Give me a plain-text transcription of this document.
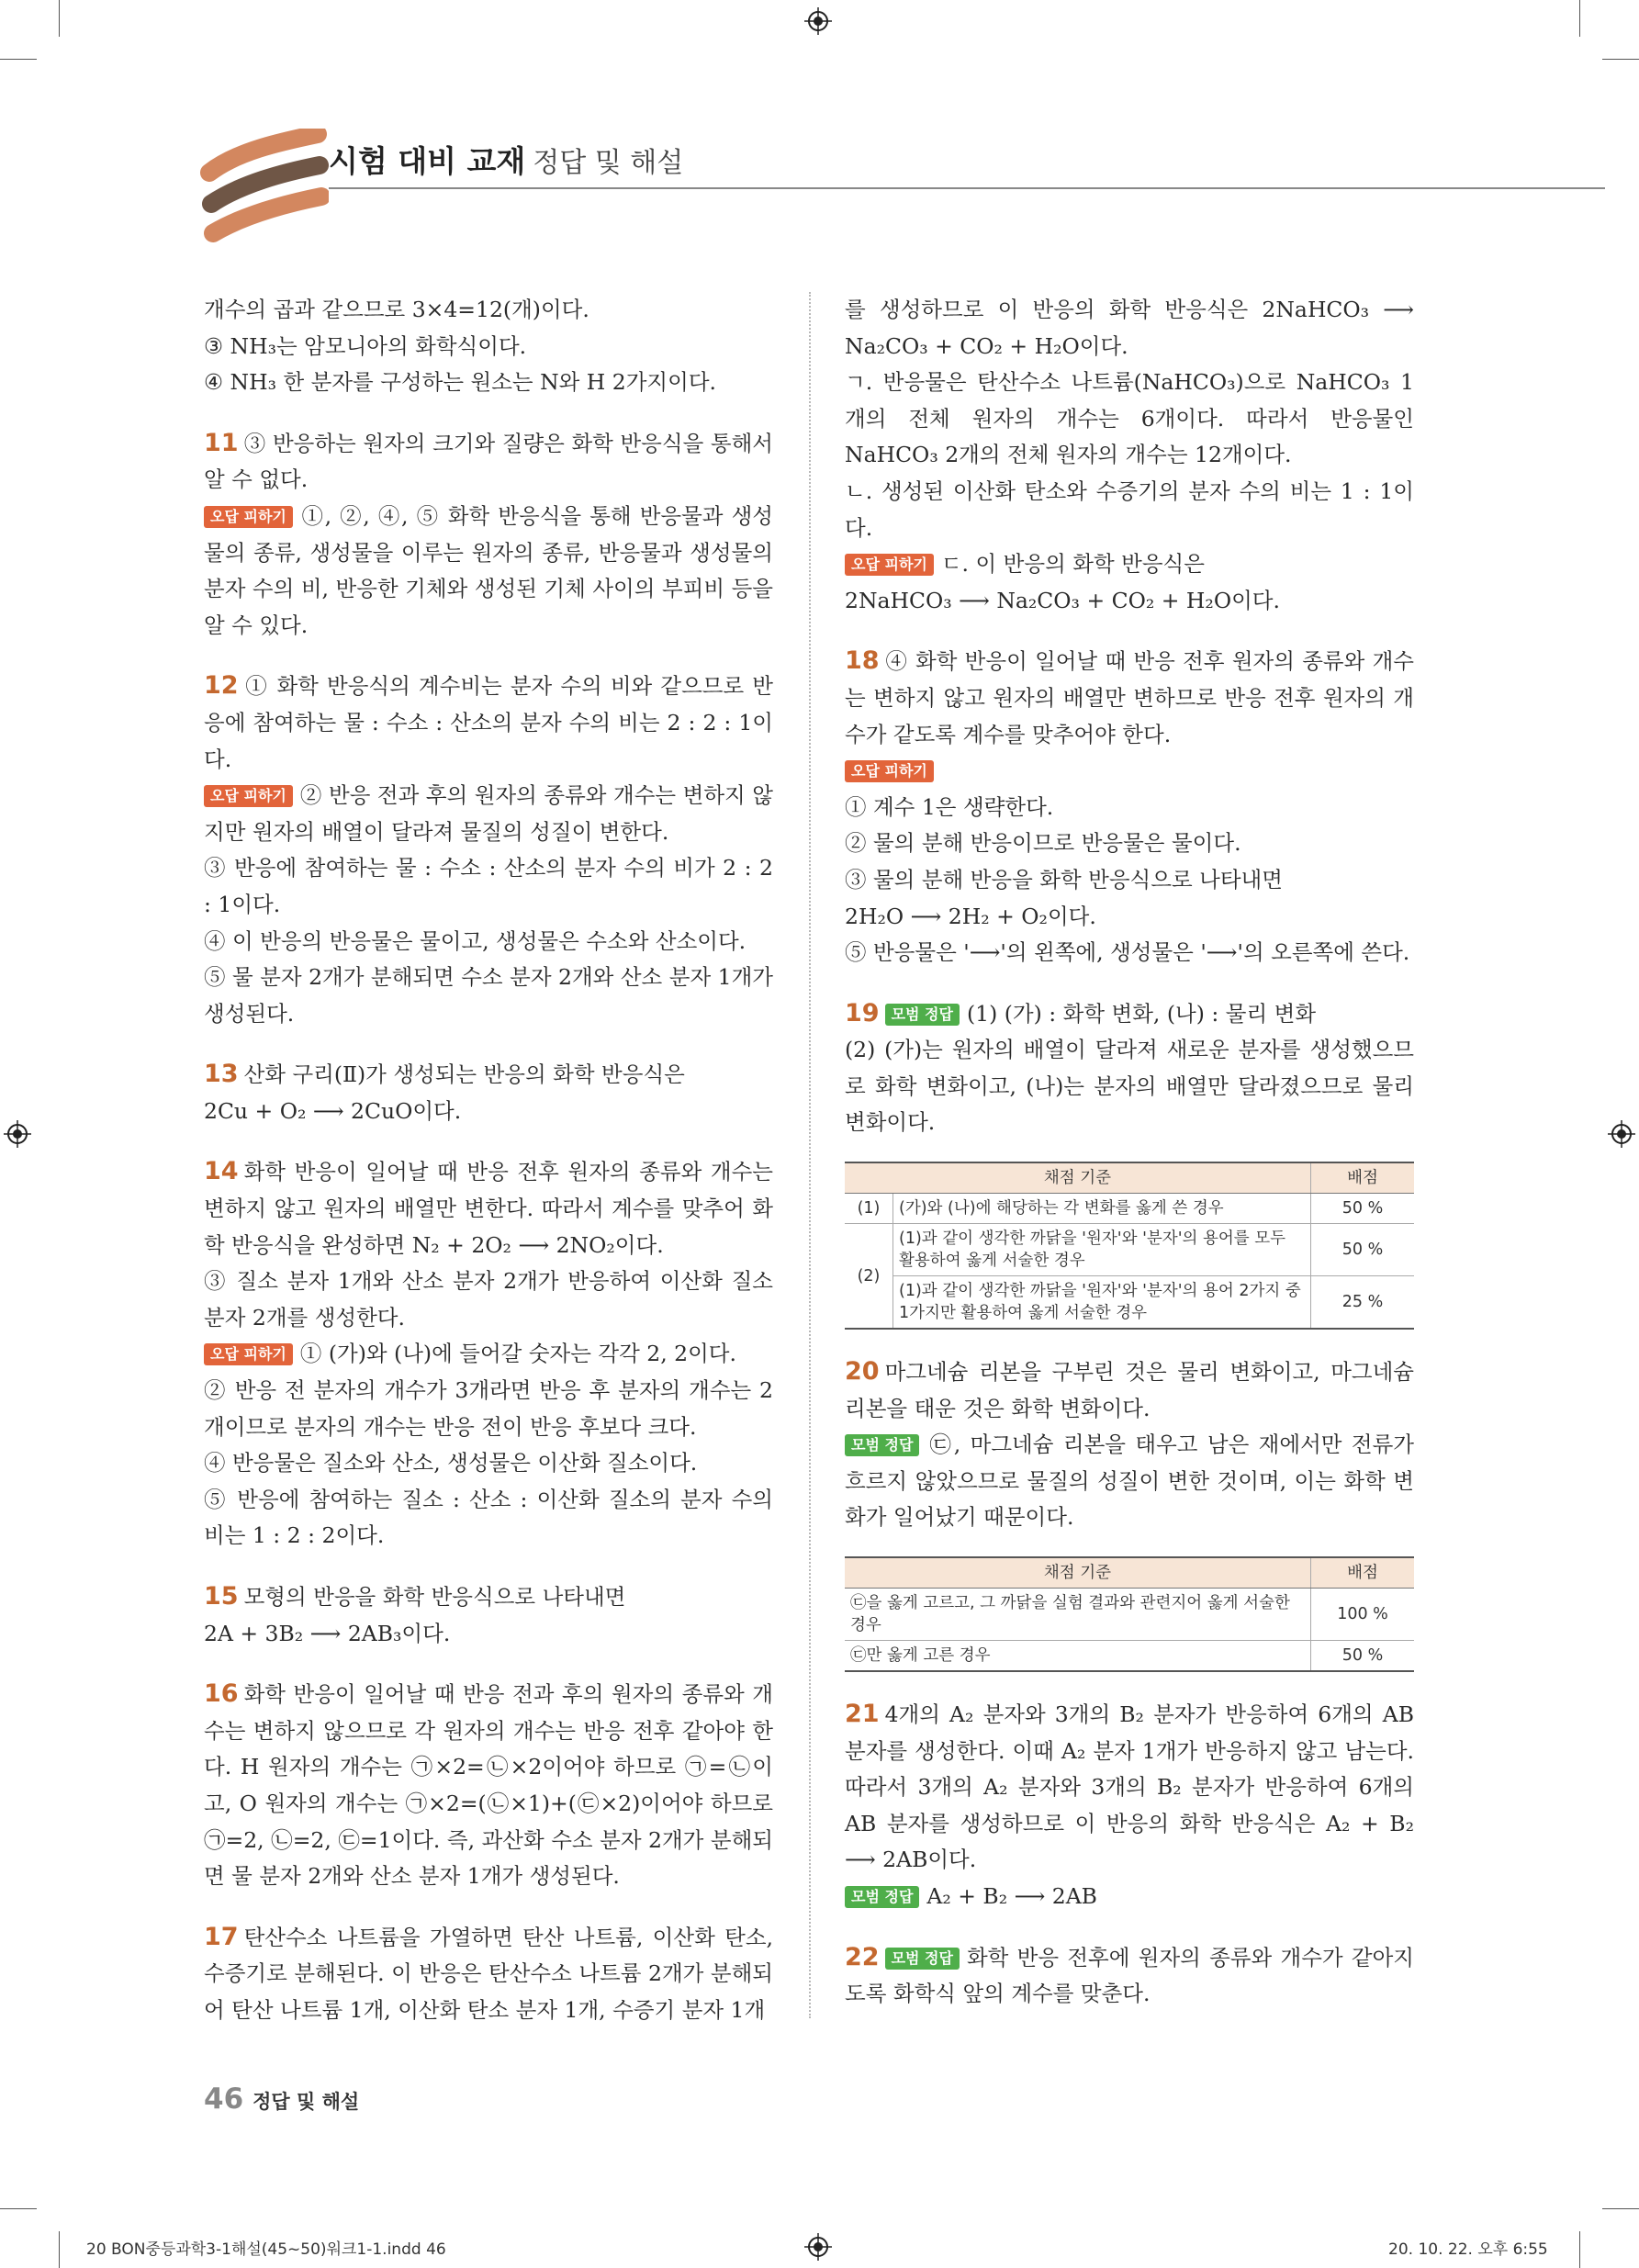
시험 대비 교재 정답 및 해설

개수의 곱과 같으므로 3×4=12(개)이다.

③ NH₃는 암모니아의 화학식이다.

④ NH₃ 한 분자를 구성하는 원소는 N와 H 2가지이다.

11 ③ 반응하는 원자의 크기와 질량은 화학 반응식을 통해서 알 수 없다.

오답 피하기 ①, ②, ④, ⑤ 화학 반응식을 통해 반응물과 생성물의 종류, 생성물을 이루는 원자의 종류, 반응물과 생성물의 분자 수의 비, 반응한 기체와 생성된 기체 사이의 부피비 등을 알 수 있다.

12 ① 화학 반응식의 계수비는 분자 수의 비와 같으므로 반응에 참여하는 물 : 수소 : 산소의 분자 수의 비는 2 : 2 : 1이다.

오답 피하기 ② 반응 전과 후의 원자의 종류와 개수는 변하지 않지만 원자의 배열이 달라져 물질의 성질이 변한다.

③ 반응에 참여하는 물 : 수소 : 산소의 분자 수의 비가 2 : 2 : 1이다.

④ 이 반응의 반응물은 물이고, 생성물은 수소와 산소이다.

⑤ 물 분자 2개가 분해되면 수소 분자 2개와 산소 분자 1개가 생성된다.

13 산화 구리(Ⅱ)가 생성되는 반응의 화학 반응식은

2Cu + O₂ ⟶ 2CuO이다.

14 화학 반응이 일어날 때 반응 전후 원자의 종류와 개수는 변하지 않고 원자의 배열만 변한다. 따라서 계수를 맞추어 화학 반응식을 완성하면 N₂ + 2O₂ ⟶ 2NO₂이다.

③ 질소 분자 1개와 산소 분자 2개가 반응하여 이산화 질소 분자 2개를 생성한다.

오답 피하기 ① (가)와 (나)에 들어갈 숫자는 각각 2, 2이다.

② 반응 전 분자의 개수가 3개라면 반응 후 분자의 개수는 2개이므로 분자의 개수는 반응 전이 반응 후보다 크다.

④ 반응물은 질소와 산소, 생성물은 이산화 질소이다.

⑤ 반응에 참여하는 질소 : 산소 : 이산화 질소의 분자 수의 비는 1 : 2 : 2이다.

15 모형의 반응을 화학 반응식으로 나타내면

2A + 3B₂ ⟶ 2AB₃이다.

16 화학 반응이 일어날 때 반응 전과 후의 원자의 종류와 개수는 변하지 않으므로 각 원자의 개수는 반응 전후 같아야 한다. H 원자의 개수는 ㉠×2=㉡×2이어야 하므로 ㉠=㉡이고, O 원자의 개수는 ㉠×2=(㉡×1)+(㉢×2)이어야 하므로 ㉠=2, ㉡=2, ㉢=1이다. 즉, 과산화 수소 분자 2개가 분해되면 물 분자 2개와 산소 분자 1개가 생성된다.

17 탄산수소 나트륨을 가열하면 탄산 나트륨, 이산화 탄소, 수증기로 분해된다. 이 반응은 탄산수소 나트륨 2개가 분해되어 탄산 나트륨 1개, 이산화 탄소 분자 1개, 수증기 분자 1개

를 생성하므로 이 반응의 화학 반응식은 2NaHCO₃ ⟶ Na₂CO₃ + CO₂ + H₂O이다.

ㄱ. 반응물은 탄산수소 나트륨(NaHCO₃)으로 NaHCO₃ 1개의 전체 원자의 개수는 6개이다. 따라서 반응물인 NaHCO₃ 2개의 전체 원자의 개수는 12개이다.

ㄴ. 생성된 이산화 탄소와 수증기의 분자 수의 비는 1 : 1이다.

오답 피하기 ㄷ. 이 반응의 화학 반응식은

2NaHCO₃ ⟶ Na₂CO₃ + CO₂ + H₂O이다.

18 ④ 화학 반응이 일어날 때 반응 전후 원자의 종류와 개수는 변하지 않고 원자의 배열만 변하므로 반응 전후 원자의 개수가 같도록 계수를 맞추어야 한다.

오답 피하기

① 계수 1은 생략한다.

② 물의 분해 반응이므로 반응물은 물이다.

③ 물의 분해 반응을 화학 반응식으로 나타내면

2H₂O ⟶ 2H₂ + O₂이다.

⑤ 반응물은 '⟶'의 왼쪽에, 생성물은 '⟶'의 오른쪽에 쓴다.

19 모범 정답 (1) (가) : 화학 변화, (나) : 물리 변화

(2) (가)는 원자의 배열이 달라져 새로운 분자를 생성했으므로 화학 변화이고, (나)는 분자의 배열만 달라졌으므로 물리 변화이다.

채점 기준		배점
(1)	(가)와 (나)에 해당하는 각 변화를 옳게 쓴 경우	50 %
(2)	(1)과 같이 생각한 까닭을 '원자'와 '분자'의 용어를 모두 활용하여 옳게 서술한 경우	50 %
	(1)과 같이 생각한 까닭을 '원자'와 '분자'의 용어 2가지 중 1가지만 활용하여 옳게 서술한 경우	25 %

20 마그네슘 리본을 구부린 것은 물리 변화이고, 마그네슘 리본을 태운 것은 화학 변화이다.

모범 정답 ㉢, 마그네슘 리본을 태우고 남은 재에서만 전류가 흐르지 않았으므로 물질의 성질이 변한 것이며, 이는 화학 변화가 일어났기 때문이다.

채점 기준	배점
㉢을 옳게 고르고, 그 까닭을 실험 결과와 관련지어 옳게 서술한 경우	100 %
㉢만 옳게 고른 경우	50 %

21 4개의 A₂ 분자와 3개의 B₂ 분자가 반응하여 6개의 AB 분자를 생성한다. 이때 A₂ 분자 1개가 반응하지 않고 남는다. 따라서 3개의 A₂ 분자와 3개의 B₂ 분자가 반응하여 6개의 AB 분자를 생성하므로 이 반응의 화학 반응식은 A₂ + B₂ ⟶ 2AB이다.

모범 정답 A₂ + B₂ ⟶ 2AB

22 모범 정답 화학 반응 전후에 원자의 종류와 개수가 같아지도록 화학식 앞의 계수를 맞춘다.

46 정답 및 해설
20 BON중등과학3-1해설(45~50)워크1-1.indd 46	20. 10. 22. 오후 6:55
